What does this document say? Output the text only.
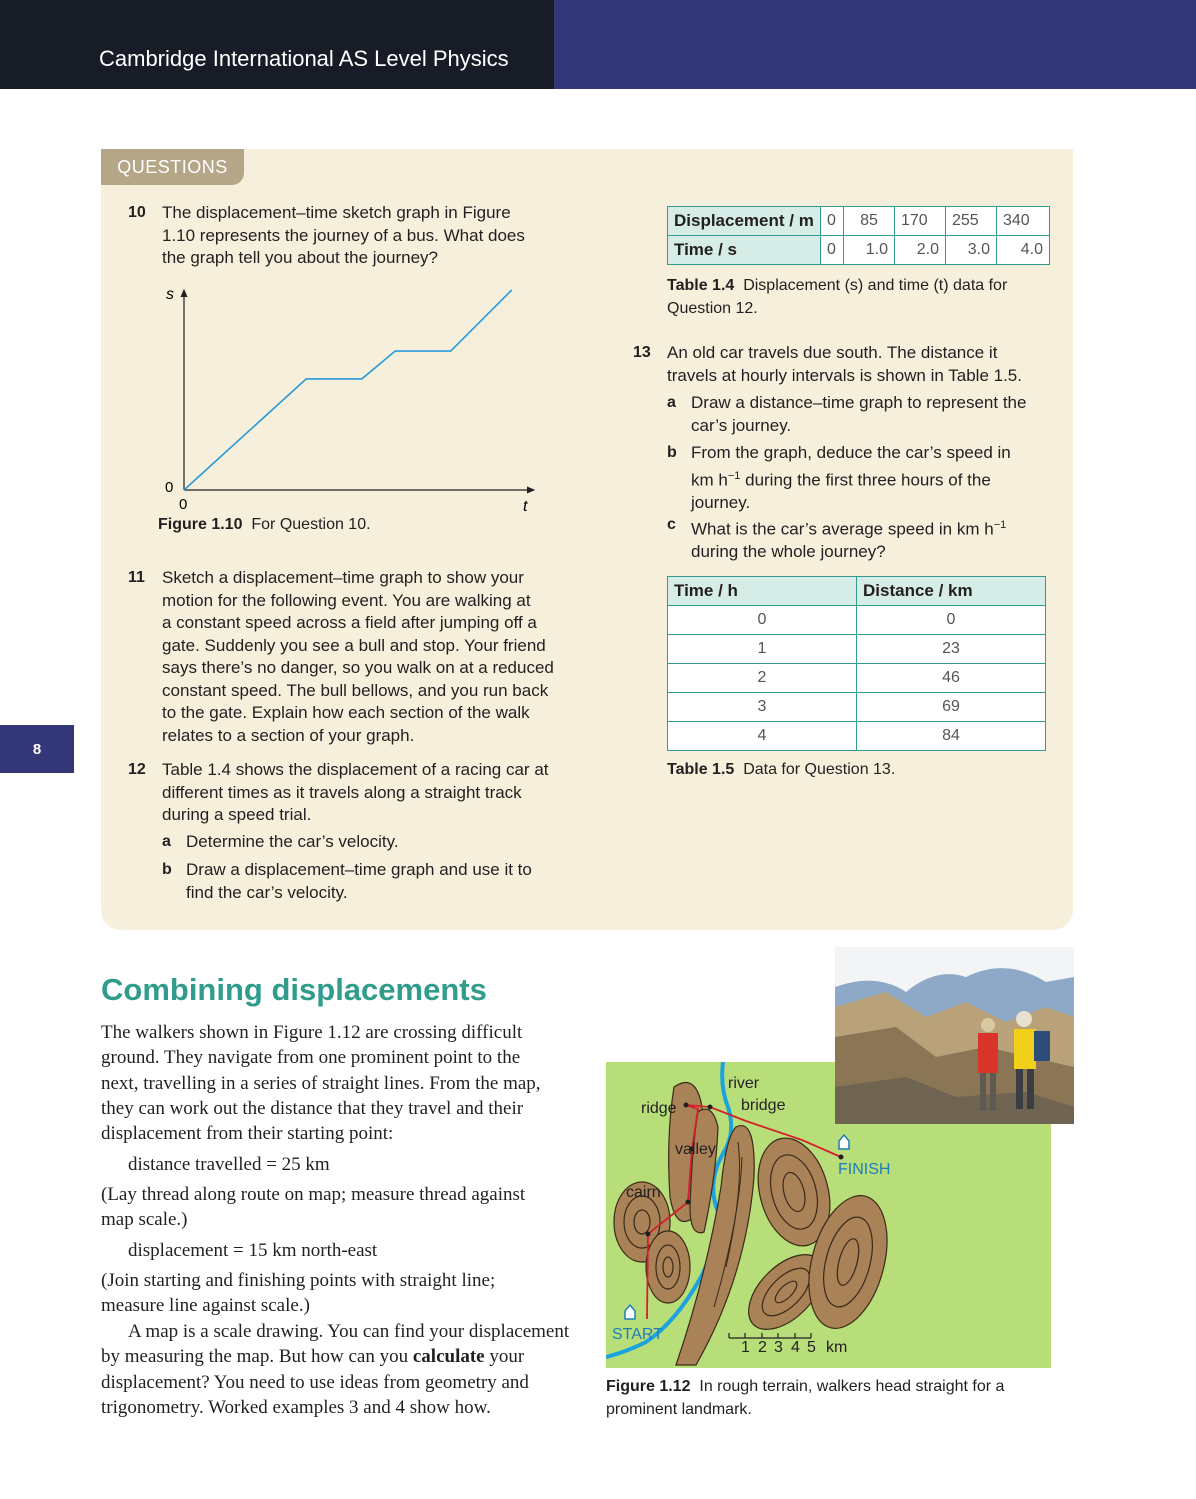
Cambridge International AS Level Physics
8
QUESTIONS
10 The displacement–time sketch graph in Figure
1.10 represents the journey of a bus. What does
the graph tell you about the journey?
s
t
0
0
Figure 1.10 For Question 10.
11 Sketch a displacement–time graph to show your
motion for the following event. You are walking at
a constant speed across a field after jumping off a
gate. Suddenly you see a bull and stop. Your friend
says there’s no danger, so you walk on at a reduced
constant speed. The bull bellows, and you run back
to the gate. Explain how each section of the walk
relates to a section of your graph.
12 Table 1.4 shows the displacement of a racing car at
different times as it travels along a straight track
during a speed trial.
a Determine the car’s velocity.
b Draw a displacement–time graph and use it to
find the car’s velocity.
Displacement / m	0	85	170	255	340
Time / s	0	1.0	2.0	3.0	4.0
Table 1.4 Displacement (s) and time (t) data for
Question 12.
13 An old car travels due south. The distance it
travels at hourly intervals is shown in Table 1.5.
a Draw a distance–time graph to represent the
car’s journey.
b From the graph, deduce the car’s speed in
km $h^{-1}$ during the first three hours of the
journey.
c What is the car’s average speed in km $h^{-1}$
during the whole journey?
Time / h	Distance / km
0	0
1	23
2	46
3	69
4	84
Table 1.5 Data for Question 13.
Combining displacements
The walkers shown in Figure 1.12 are crossing difficult
ground. They navigate from one prominent point to the
next, travelling in a series of straight lines. From the map,
they can work out the distance that they travel and their
displacement from their starting point:
distance travelled = 25 km
(Lay thread along route on map; measure thread against
map scale.)
displacement = 15 km north-east
(Join starting and finishing points with straight line;
measure line against scale.)
A map is a scale drawing. You can find your displacement
by measuring the map. But how can you calculate your
displacement? You need to use ideas from geometry and
trigonometry. Worked examples 3 and 4 show how.
river
bridge
ridge
valley
cairn
FINISH
START
1 2 3 4 5 km
Figure 1.12 In rough terrain, walkers head straight for a
prominent landmark.
